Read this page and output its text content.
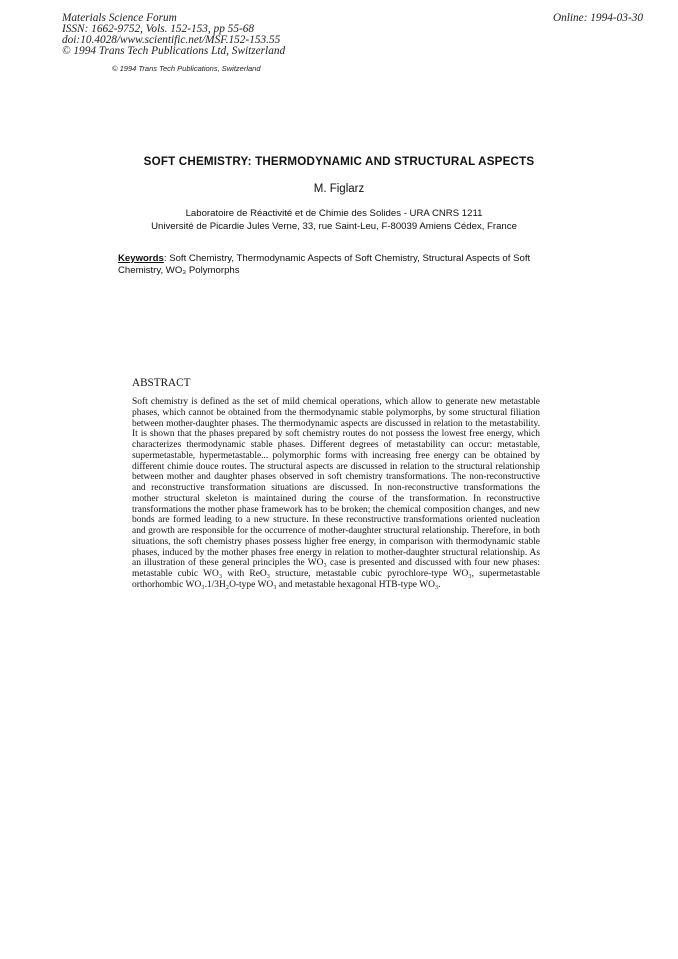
Materials Science Forum
ISSN: 1662-9752, Vols. 152-153, pp 55-68
doi:10.4028/www.scientific.net/MSF.152-153.55
© 1994 Trans Tech Publications Ltd, Switzerland
Online: 1994-03-30
© 1994 Trans Tech Publications, Switzerland
SOFT CHEMISTRY: THERMODYNAMIC AND STRUCTURAL ASPECTS
M. Figlarz
Laboratoire de Réactivité et de Chimie des Solides - URA CNRS 1211
Université de Picardie Jules Verne, 33, rue Saint-Leu, F-80039 Amiens Cédex, France
Keywords: Soft Chemistry, Thermodynamic Aspects of Soft Chemistry, Structural Aspects of Soft Chemistry, WO₃ Polymorphs
ABSTRACT

Soft chemistry is defined as the set of mild chemical operations, which allow to generate new metastable phases, which cannot be obtained from the thermodynamic stable polymorphs, by some structural filiation between mother-daughter phases. The thermodynamic aspects are discussed in relation to the metastability. It is shown that the phases prepared by soft chemistry routes do not possess the lowest free energy, which characterizes thermodynamic stable phases. Different degrees of metastability can occur: metastable, supermetastable, hypermetastable... polymorphic forms with increasing free energy can be obtained by different chimie douce routes. The structural aspects are discussed in relation to the structural relationship between mother and daughter phases observed in soft chemistry transformations. The non-reconstructive and reconstructive transformation situations are discussed. In non-reconstructive transformations the mother structural skeleton is maintained during the course of the transformation. In reconstructive transformations the mother phase framework has to be broken; the chemical composition changes, and new bonds are formed leading to a new structure. In these reconstructive transformations oriented nucleation and growth are responsible for the occurrence of mother-daughter structural relationship. Therefore, in both situations, the soft chemistry phases possess higher free energy, in comparison with thermodynamic stable phases, induced by the mother phases free energy in relation to mother-daughter structural relationship. As an illustration of these general principles the WO₃ case is presented and discussed with four new phases: metastable cubic WO₃ with ReO₃ structure, metastable cubic pyrochlore-type WO₃, supermetastable orthorhombic WO₃.1/3H₂O-type WO₃ and metastable hexagonal HTB-type WO₃.
